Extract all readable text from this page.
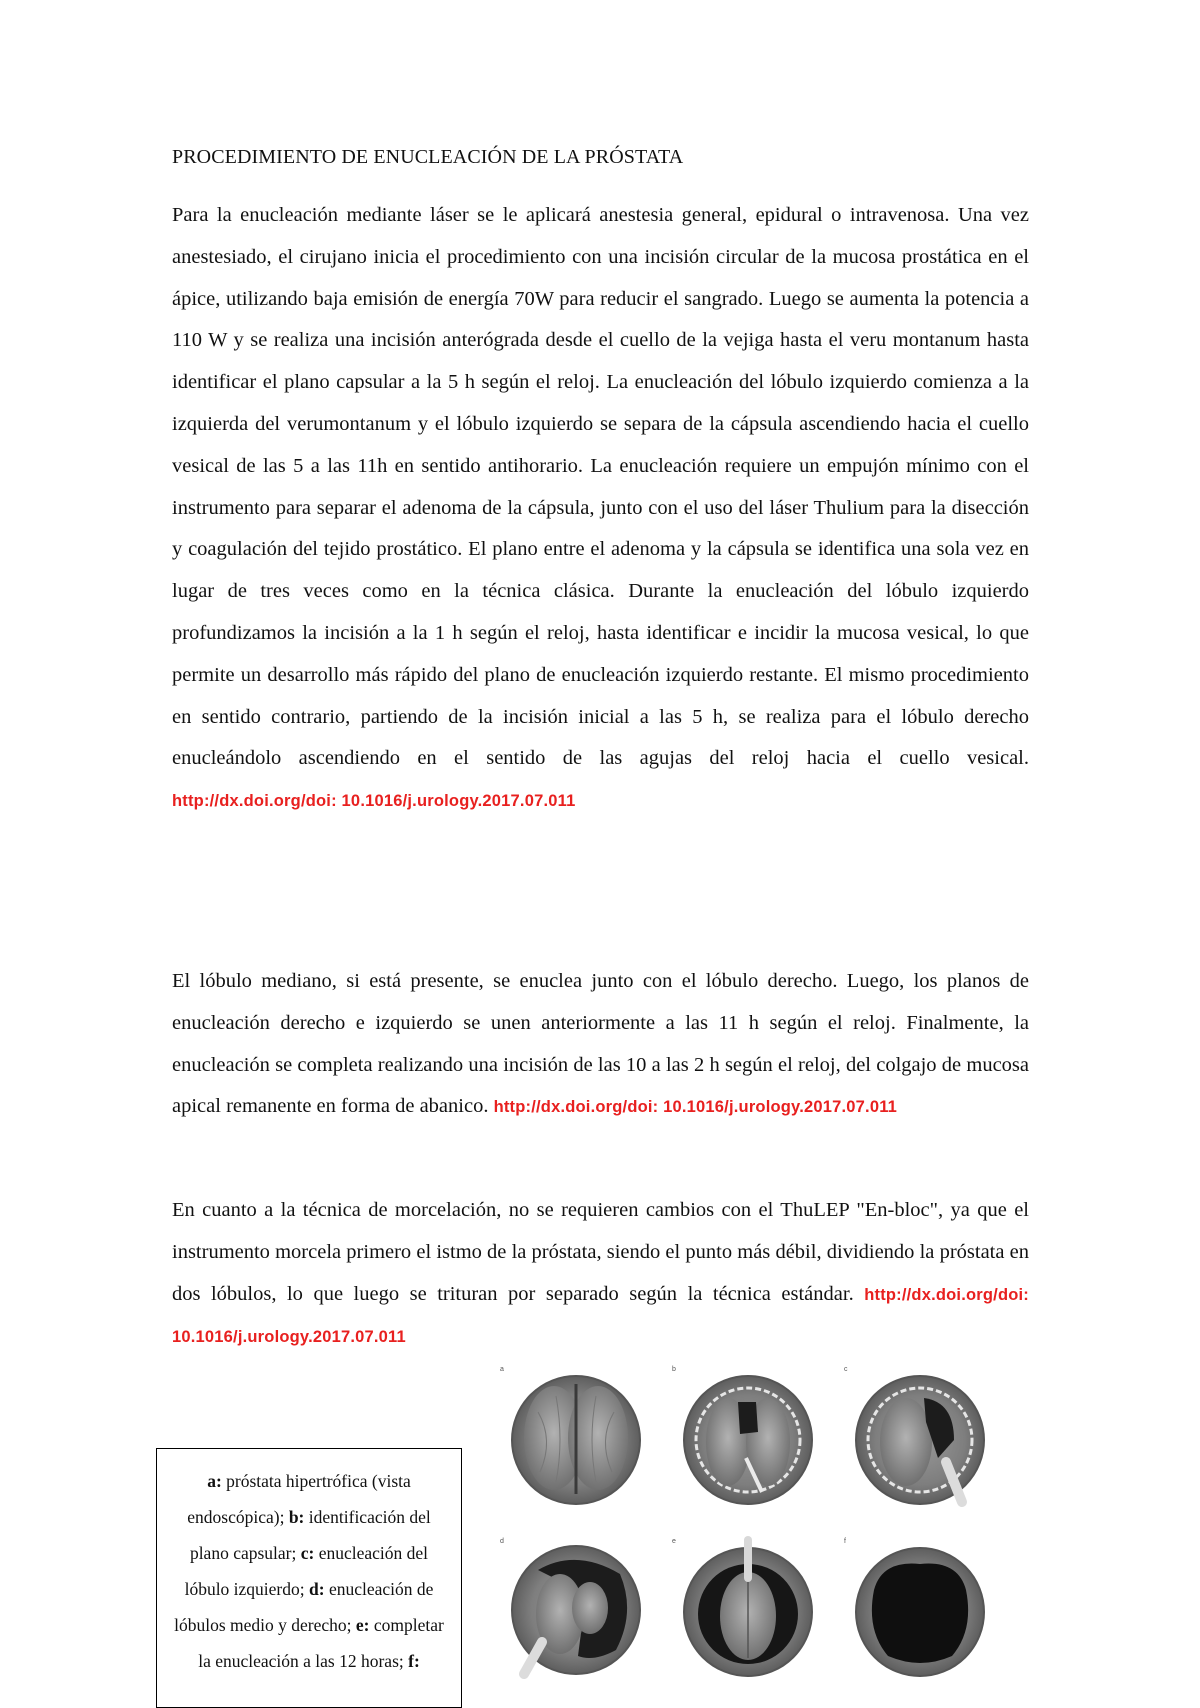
PROCEDIMIENTO DE ENUCLEACIÓN DE LA PRÓSTATA

Para la enucleación mediante láser se le aplicará anestesia general, epidural o intravenosa. Una vez anestesiado, el cirujano inicia el procedimiento con una incisión circular de la mucosa prostática en el ápice, utilizando baja emisión de energía 70W para reducir el sangrado. Luego se aumenta la potencia a 110 W y se realiza una incisión anterógrada desde el cuello de la vejiga hasta el veru montanum hasta identificar el plano capsular a la 5 h según el reloj. La enucleación del lóbulo izquierdo comienza a la izquierda del verumontanum y el lóbulo izquierdo se separa de la cápsula ascendiendo hacia el cuello vesical de las 5 a las 11h en sentido antihorario. La enucleación requiere un empujón mínimo con el instrumento para separar el adenoma de la cápsula, junto con el uso del láser Thulium para la disección y coagulación del tejido prostático. El plano entre el adenoma y la cápsula se identifica una sola vez en lugar de tres veces como en la técnica clásica. Durante la enucleación del lóbulo izquierdo profundizamos la incisión a la 1 h según el reloj, hasta identificar e incidir la mucosa vesical, lo que permite un desarrollo más rápido del plano de enucleación izquierdo restante. El mismo procedimiento en sentido contrario, partiendo de la incisión inicial a las 5 h, se realiza para el lóbulo derecho enucleándolo ascendiendo en el sentido de las agujas del reloj hacia el cuello vesical. http://dx.doi.org/doi: 10.1016/j.urology.2017.07.011

El lóbulo mediano, si está presente, se enuclea junto con el lóbulo derecho. Luego, los planos de enucleación derecho e izquierdo se unen anteriormente a las 11 h según el reloj. Finalmente, la enucleación se completa realizando una incisión de las 10 a las 2 h según el reloj, del colgajo de mucosa apical remanente en forma de abanico. http://dx.doi.org/doi: 10.1016/j.urology.2017.07.011

En cuanto a la técnica de morcelación, no se requieren cambios con el ThuLEP "En-bloc", ya que el instrumento morcela primero el istmo de la próstata, siendo el punto más débil, dividiendo la próstata en dos lóbulos, lo que luego se trituran por separado según la técnica estándar. http://dx.doi.org/doi: 10.1016/j.urology.2017.07.011

a: próstata hipertrófica (vista endoscópica); b: identificación del plano capsular; c: enucleación del lóbulo izquierdo; d: enucleación de lóbulos medio y derecho; e: completar la enucleación a las 12 horas; f:
a	b	c
d	e	f
